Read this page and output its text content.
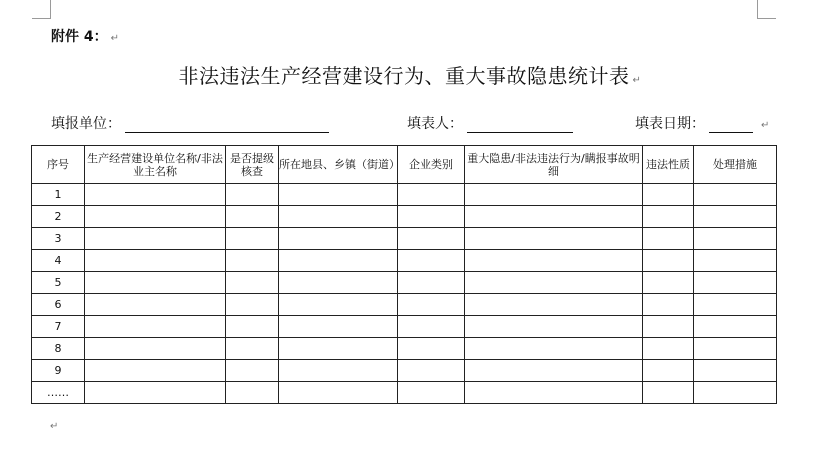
附件 4： ↵
非法违法生产经营建设行为、重大事故隐患统计表 ↵
填报单位：	填表人：	填表日期：	↵
序号	生产经营建设单位名称/非法业主名称	是否提级核查	所在地县、乡镇（街道）	企业类别	重大隐患/非法违法行为/瞒报事故明　细	违法性质	处理措施
1							
2							
3							
4							
5							
6							
7							
8							
9							
……							
↵
